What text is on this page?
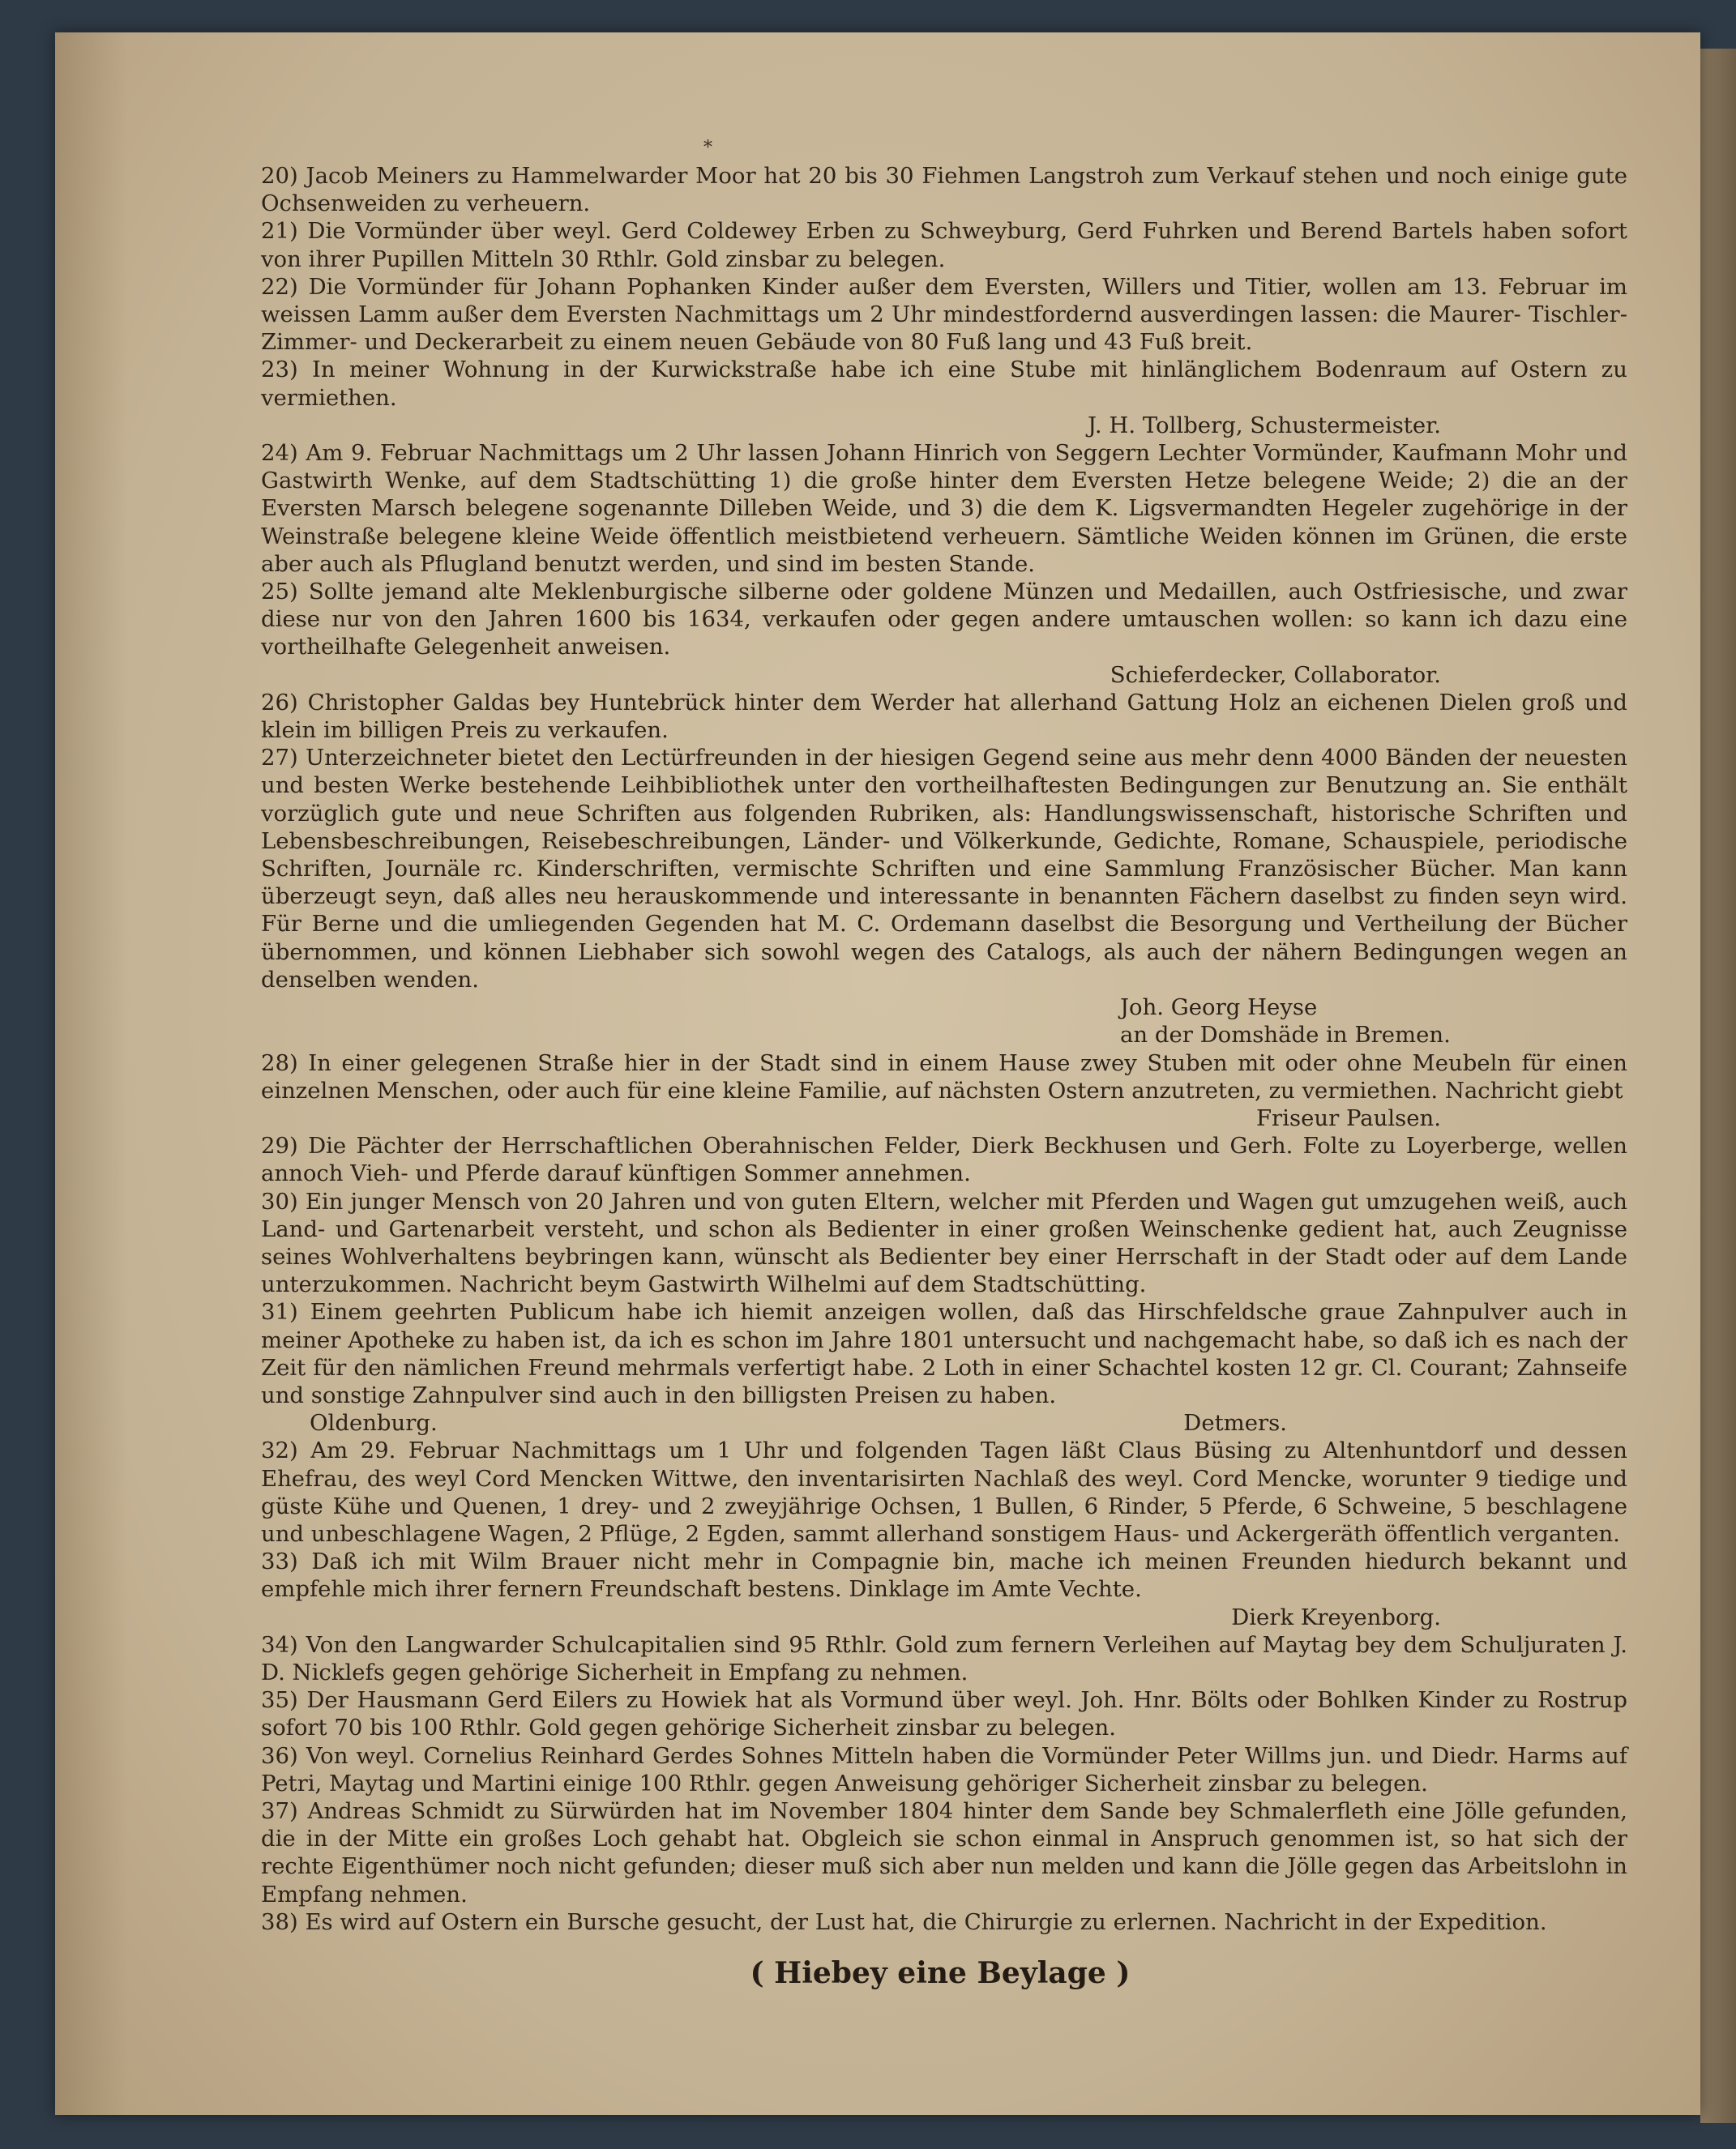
*

20) Jacob Meiners zu Hammelwarder Moor hat 20 bis 30 Fiehmen Langstroh zum Verkauf stehen und noch einige gute Ochsenweiden zu verheuern.

21) Die Vormünder über weyl. Gerd Coldewey Erben zu Schweyburg, Gerd Fuhrken und Berend Bartels haben sofort von ihrer Pupillen Mitteln 30 Rthlr. Gold zinsbar zu belegen.

22) Die Vormünder für Johann Pophanken Kinder außer dem Eversten, Willers und Titier, wollen am 13. Februar im weissen Lamm außer dem Eversten Nachmittags um 2 Uhr mindestfordernd ausverdingen lassen: die Maurer- Tischler- Zimmer- und Deckerarbeit zu einem neuen Gebäude von 80 Fuß lang und 43 Fuß breit.

23) In meiner Wohnung in der Kurwickstraße habe ich eine Stube mit hinlänglichem Bodenraum auf Ostern zu vermiethen.
J. H. Tollberg, Schustermeister.

24) Am 9. Februar Nachmittags um 2 Uhr lassen Johann Hinrich von Seggern Lechter Vormünder, Kaufmann Mohr und Gastwirth Wenke, auf dem Stadtschütting 1) die große hinter dem Eversten Hetze belegene Weide; 2) die an der Eversten Marsch belegene sogenannte Dilleben Weide, und 3) die dem K. Ligsvermandten Hegeler zugehörige in der Weinstraße belegene kleine Weide öffentlich meistbietend verheuern. Sämtliche Weiden können im Grünen, die erste aber auch als Pflugland benutzt werden, und sind im besten Stande.

25) Sollte jemand alte Meklenburgische silberne oder goldene Münzen und Medaillen, auch Ostfriesische, und zwar diese nur von den Jahren 1600 bis 1634, verkaufen oder gegen andere umtauschen wollen: so kann ich dazu eine vortheilhafte Gelegenheit anweisen.
Schieferdecker, Collaborator.

26) Christopher Galdas bey Huntebrück hinter dem Werder hat allerhand Gattung Holz an eichenen Dielen groß und klein im billigen Preis zu verkaufen.

27) Unterzeichneter bietet den Lectürfreunden in der hiesigen Gegend seine aus mehr denn 4000 Bänden der neuesten und besten Werke bestehende Leihbibliothek unter den vortheilhaftesten Bedingungen zur Benutzung an. Sie enthält vorzüglich gute und neue Schriften aus folgenden Rubriken, als: Handlungswissenschaft, historische Schriften und Lebensbeschreibungen, Reisebeschreibungen, Länder- und Völkerkunde, Gedichte, Romane, Schauspiele, periodische Schriften, Journäle rc. Kinderschriften, vermischte Schriften und eine Sammlung Französischer Bücher. Man kann überzeugt seyn, daß alles neu herauskommende und interessante in benannten Fächern daselbst zu finden seyn wird. Für Berne und die umliegenden Gegenden hat M. C. Ordemann daselbst die Besorgung und Vertheilung der Bücher übernommen, und können Liebhaber sich sowohl wegen des Catalogs, als auch der nähern Bedingungen wegen an denselben wenden.
Joh. Georg Heyse
an der Domshäde in Bremen.

28) In einer gelegenen Straße hier in der Stadt sind in einem Hause zwey Stuben mit oder ohne Meubeln für einen einzelnen Menschen, oder auch für eine kleine Familie, auf nächsten Ostern anzutreten, zu vermiethen. Nachricht giebt
Friseur Paulsen.

29) Die Pächter der Herrschaftlichen Oberahnischen Felder, Dierk Beckhusen und Gerh. Folte zu Loyerberge, wellen annoch Vieh- und Pferde darauf künftigen Sommer annehmen.

30) Ein junger Mensch von 20 Jahren und von guten Eltern, welcher mit Pferden und Wagen gut umzugehen weiß, auch Land- und Gartenarbeit versteht, und schon als Bedienter in einer großen Weinschenke gedient hat, auch Zeugnisse seines Wohlverhaltens beybringen kann, wünscht als Bedienter bey einer Herrschaft in der Stadt oder auf dem Lande unterzukommen. Nachricht beym Gastwirth Wilhelmi auf dem Stadtschütting.

31) Einem geehrten Publicum habe ich hiemit anzeigen wollen, daß das Hirschfeldsche graue Zahnpulver auch in meiner Apotheke zu haben ist, da ich es schon im Jahre 1801 untersucht und nachgemacht habe, so daß ich es nach der Zeit für den nämlichen Freund mehrmals verfertigt habe. 2 Loth in einer Schachtel kosten 12 gr. Cl. Courant; Zahnseife und sonstige Zahnpulver sind auch in den billigsten Preisen zu haben.
Oldenburg.	Detmers.

32) Am 29. Februar Nachmittags um 1 Uhr und folgenden Tagen läßt Claus Büsing zu Altenhuntdorf und dessen Ehefrau, des weyl Cord Mencken Wittwe, den inventarisirten Nachlaß des weyl. Cord Mencke, worunter 9 tiedige und güste Kühe und Quenen, 1 drey- und 2 zweyjährige Ochsen, 1 Bullen, 6 Rinder, 5 Pferde, 6 Schweine, 5 beschlagene und unbeschlagene Wagen, 2 Pflüge, 2 Egden, sammt allerhand sonstigem Haus- und Ackergeräth öffentlich verganten.

33) Daß ich mit Wilm Brauer nicht mehr in Compagnie bin, mache ich meinen Freunden hiedurch bekannt und empfehle mich ihrer fernern Freundschaft bestens. Dinklage im Amte Vechte.
Dierk Kreyenborg.

34) Von den Langwarder Schulcapitalien sind 95 Rthlr. Gold zum fernern Verleihen auf Maytag bey dem Schuljuraten J. D. Nicklefs gegen gehörige Sicherheit in Empfang zu nehmen.

35) Der Hausmann Gerd Eilers zu Howiek hat als Vormund über weyl. Joh. Hnr. Bölts oder Bohlken Kinder zu Rostrup sofort 70 bis 100 Rthlr. Gold gegen gehörige Sicherheit zinsbar zu belegen.

36) Von weyl. Cornelius Reinhard Gerdes Sohnes Mitteln haben die Vormünder Peter Willms jun. und Diedr. Harms auf Petri, Maytag und Martini einige 100 Rthlr. gegen Anweisung gehöriger Sicherheit zinsbar zu belegen.

37) Andreas Schmidt zu Sürwürden hat im November 1804 hinter dem Sande bey Schmalerfleth eine Jölle gefunden, die in der Mitte ein großes Loch gehabt hat. Obgleich sie schon einmal in Anspruch genommen ist, so hat sich der rechte Eigenthümer noch nicht gefunden; dieser muß sich aber nun melden und kann die Jölle gegen das Arbeitslohn in Empfang nehmen.

38) Es wird auf Ostern ein Bursche gesucht, der Lust hat, die Chirurgie zu erlernen. Nachricht in der Expedition.

( Hiebey eine Beylage )
